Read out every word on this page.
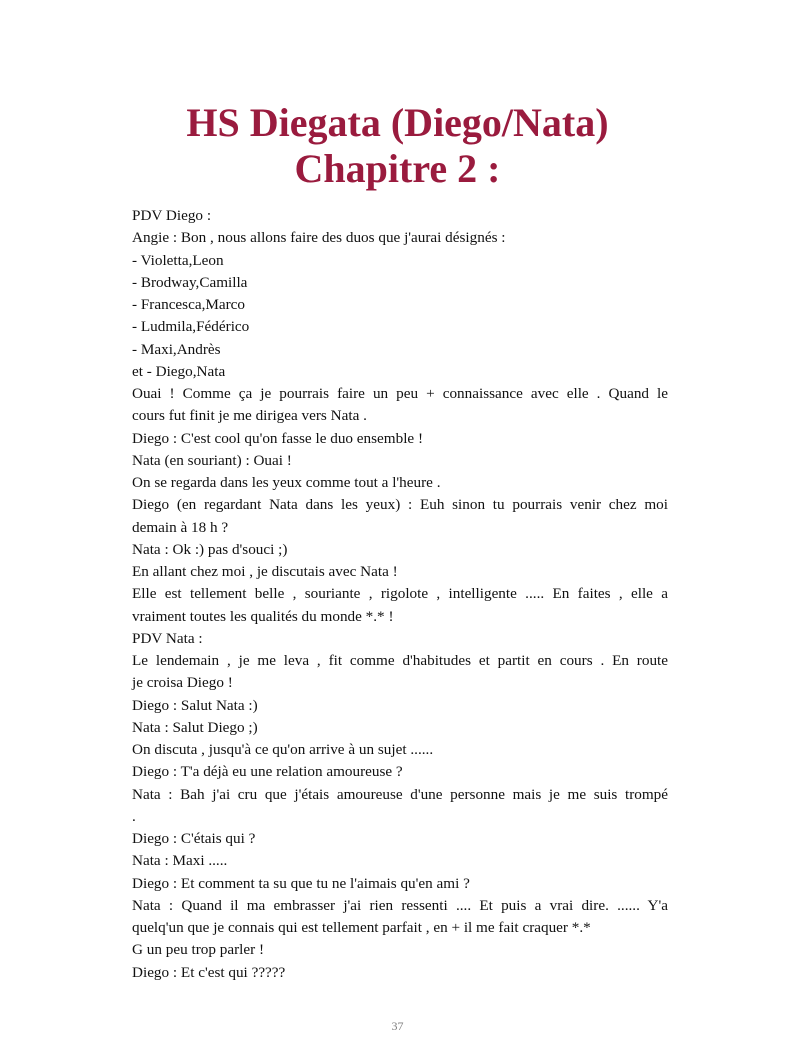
HS Diegata (Diego/Nata) Chapitre 2 :
PDV Diego :
Angie : Bon , nous allons faire des duos que j'aurai désignés :
- Violetta,Leon
- Brodway,Camilla
- Francesca,Marco
- Ludmila,Fédérico
- Maxi,Andrès
et - Diego,Nata
Ouai ! Comme ça je pourrais faire un peu + connaissance avec elle . Quand le
cours fut finit je me dirigea vers Nata .
Diego : C'est cool qu'on fasse le duo ensemble !
Nata (en souriant) : Ouai !
On se regarda dans les yeux comme tout a l'heure .
Diego (en regardant Nata dans les yeux) : Euh sinon tu pourrais venir chez moi
demain à 18 h ?
Nata : Ok :) pas d'souci ;)
En allant chez moi , je discutais avec Nata !
Elle est tellement belle , souriante , rigolote , intelligente ..... En faites , elle a
vraiment toutes les qualités du monde *.* !
PDV Nata :
Le lendemain , je me leva , fit comme d'habitudes et partit en cours . En route
je croisa Diego !
Diego : Salut Nata :)
Nata : Salut Diego ;)
On discuta , jusqu'à ce qu'on arrive à un sujet ......
Diego : T'a déjà eu une relation amoureuse ?
Nata : Bah j'ai cru que j'étais amoureuse d'une personne mais je me suis trompé
.
Diego : C'étais qui ?
Nata : Maxi .....
Diego : Et comment ta su que tu ne l'aimais qu'en ami ?
Nata : Quand il ma embrasser j'ai rien ressenti .... Et puis a vrai dire. ...... Y'a
quelq'un que je connais qui est tellement parfait , en + il me fait craquer *.*
G un peu trop parler !
Diego : Et c'est qui ?????
37
